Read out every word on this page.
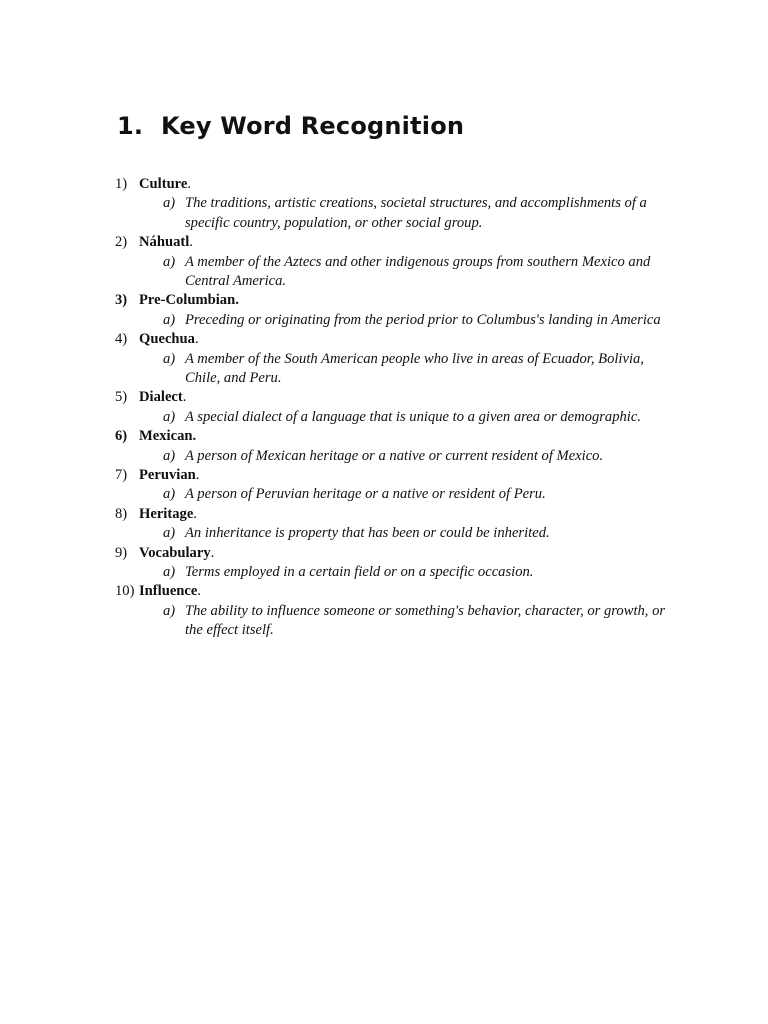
1. Key Word Recognition
1) Culture.
a) The traditions, artistic creations, societal structures, and accomplishments of a specific country, population, or other social group.
2) Náhuatl.
a) A member of the Aztecs and other indigenous groups from southern Mexico and Central America.
3) Pre-Columbian.
a) Preceding or originating from the period prior to Columbus's landing in America
4) Quechua.
a) A member of the South American people who live in areas of Ecuador, Bolivia, Chile, and Peru.
5) Dialect.
a) A special dialect of a language that is unique to a given area or demographic.
6) Mexican.
a) A person of Mexican heritage or a native or current resident of Mexico.
7) Peruvian.
a) A person of Peruvian heritage or a native or resident of Peru.
8) Heritage.
a) An inheritance is property that has been or could be inherited.
9) Vocabulary.
a) Terms employed in a certain field or on a specific occasion.
10) Influence.
a) The ability to influence someone or something's behavior, character, or growth, or the effect itself.
